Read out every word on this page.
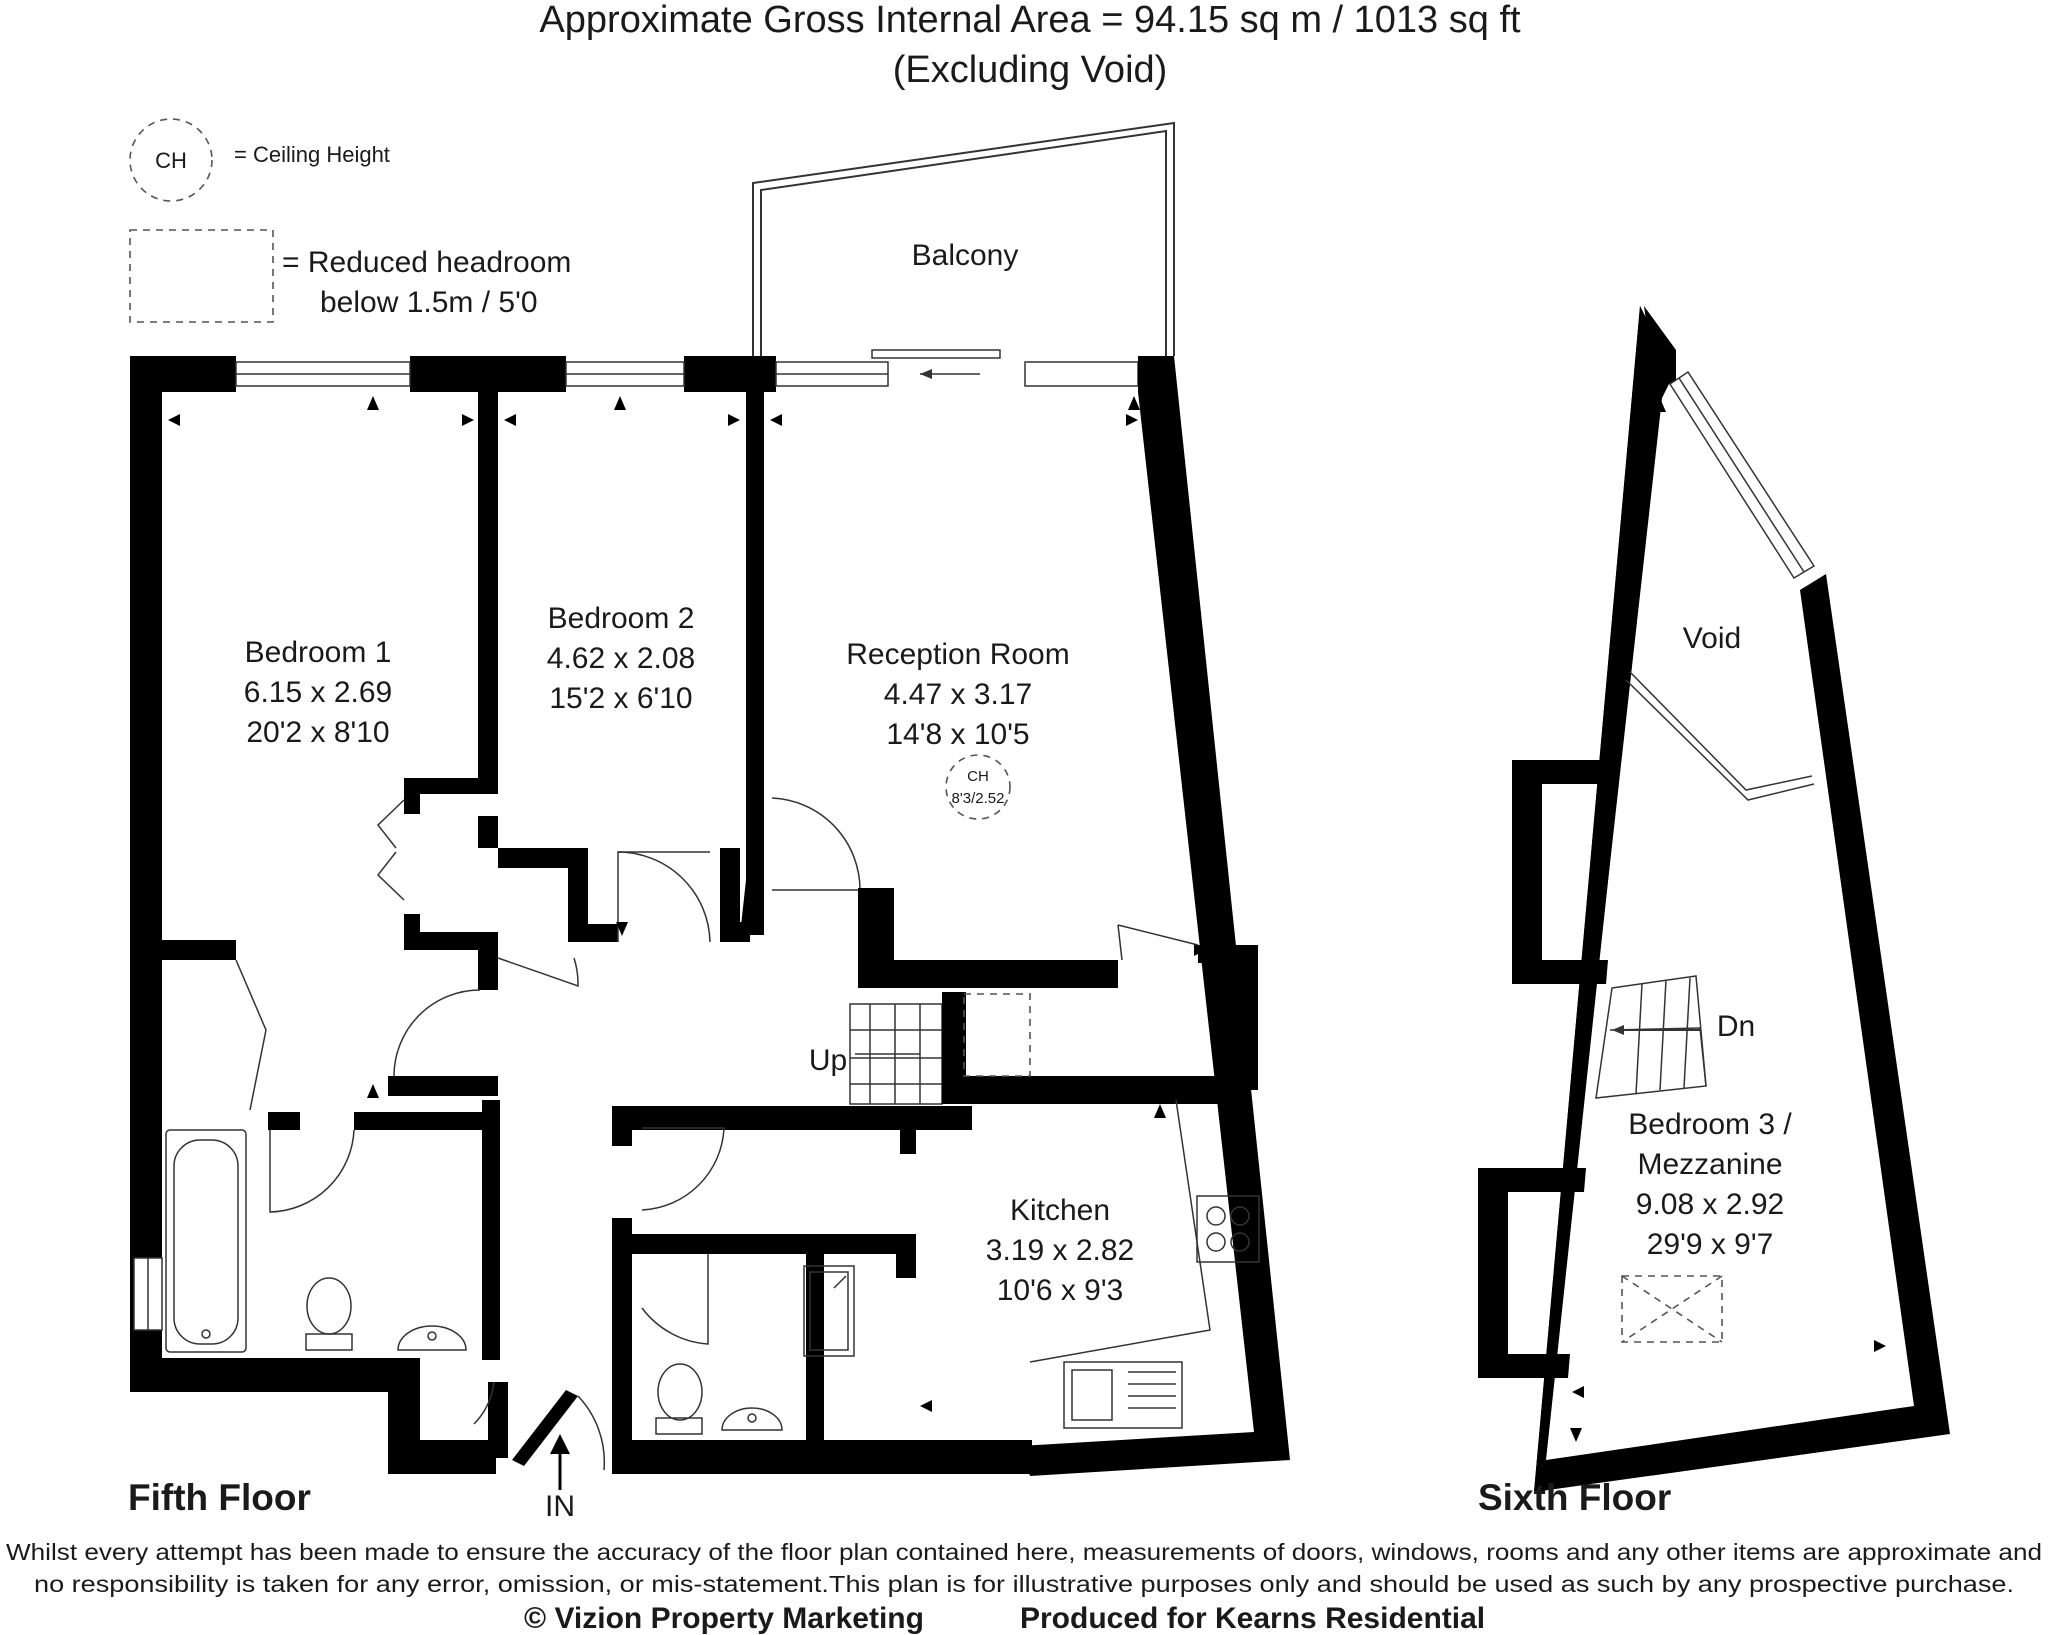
Approximate Gross Internal Area = 94.15 sq m / 1013 sq ft
(Excluding Void)
CH = Ceiling Height
= Reduced headroom
below 1.5m / 5'0
Balcony
Bedroom 1
6.15 x 2.69
20'2 x 8'10
Bedroom 2
4.62 x 2.08
15'2 x 6'10
Reception Room
4.47 x 3.17
14'8 x 10'5
CH
8'3/2.52
Kitchen
3.19 x 2.82
10'6 x 9'3
Up
IN
Void
Dn
Bedroom 3 /
Mezzanine
9.08 x 2.92
29'9 x 9'7
Fifth Floor	Sixth Floor
Whilst every attempt has been made to ensure the accuracy of the floor plan contained here, measurements of doors, windows, rooms and any other items are approximate and
no responsibility is taken for any error, omission, or mis-statement.This plan is for illustrative purposes only and should be used as such by any prospective purchase.
© Vizion Property Marketing	Produced for Kearns Residential
